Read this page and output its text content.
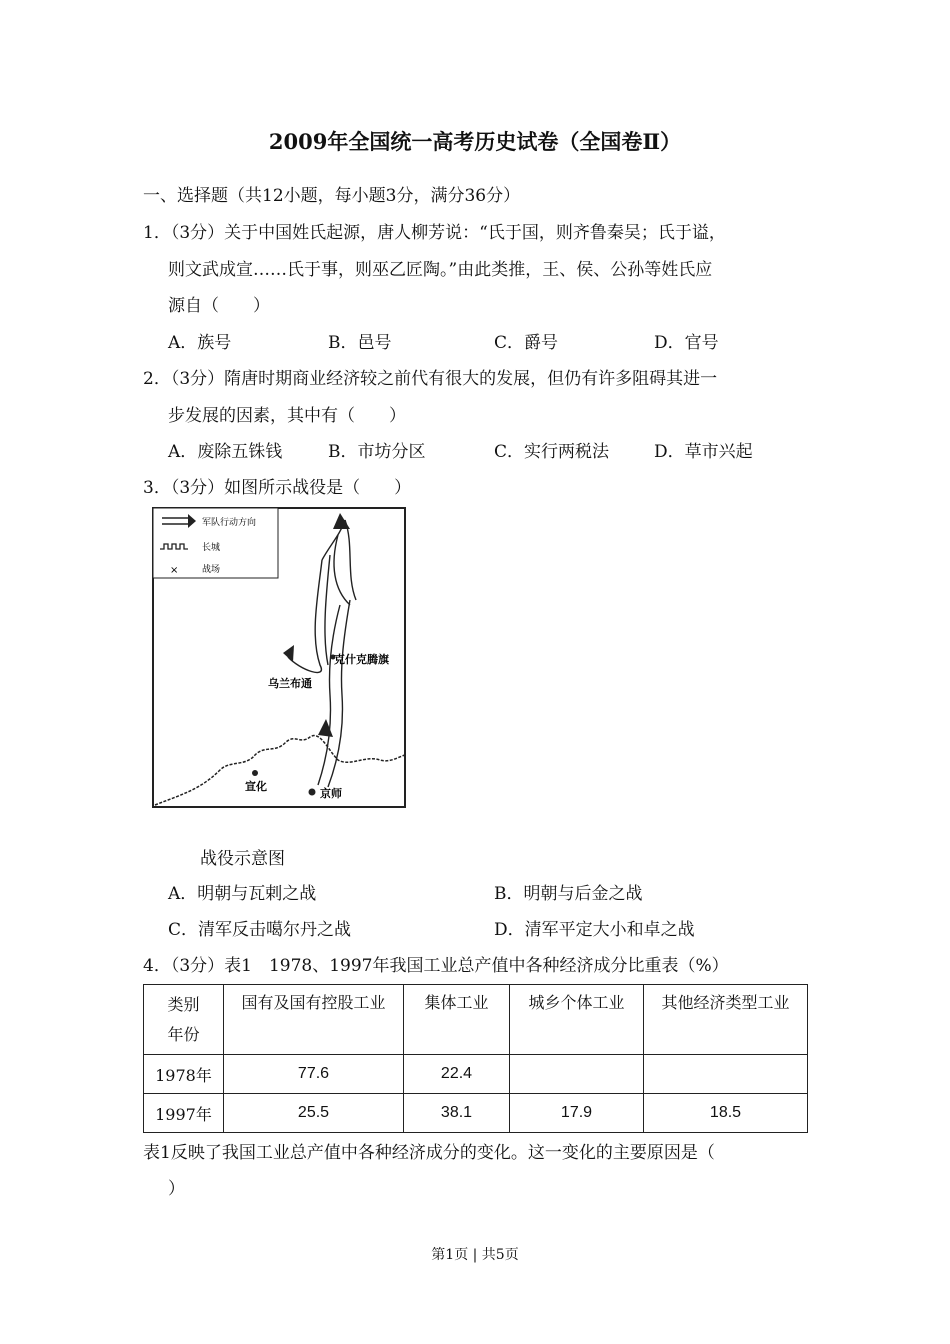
2009年全国统一高考历史试卷（全国卷Ⅱ）
一、选择题（共12小题，每小题3分，满分36分）
1．（3分）关于中国姓氏起源，唐人柳芳说：“氏于国，则齐鲁秦吴；氏于谥，
则文武成宣……氏于事，则巫乙匠陶。”由此类推，王、侯、公孙等姓氏应
源自（　　）
A．族号	B．邑号	C．爵号	D．官号
2．（3分）隋唐时期商业经济较之前代有很大的发展，但仍有许多阻碍其进一
步发展的因素，其中有（　　）
A．废除五铢钱	B．市坊分区	C．实行两税法	D．草市兴起
3．（3分）如图所示战役是（　　）
军队行动方向
长城
×	战场
克什克腾旗
乌兰布通
宣化
京师
战役示意图
A．明朝与瓦剌之战	B．明朝与后金之战
C．清军反击噶尔丹之战	D．清军平定大小和卓之战
4．（3分）表1　1978、1997年我国工业总产值中各种经济成分比重表（%）
类别
年份	国有及国有控股工业	集体工业	城乡个体工业	其他经济类型工业
1978年	77.6	22.4		
1997年	25.5	38.1	17.9	18.5
表1反映了我国工业总产值中各种经济成分的变化。这一变化的主要原因是（
）
第1页 | 共5页
